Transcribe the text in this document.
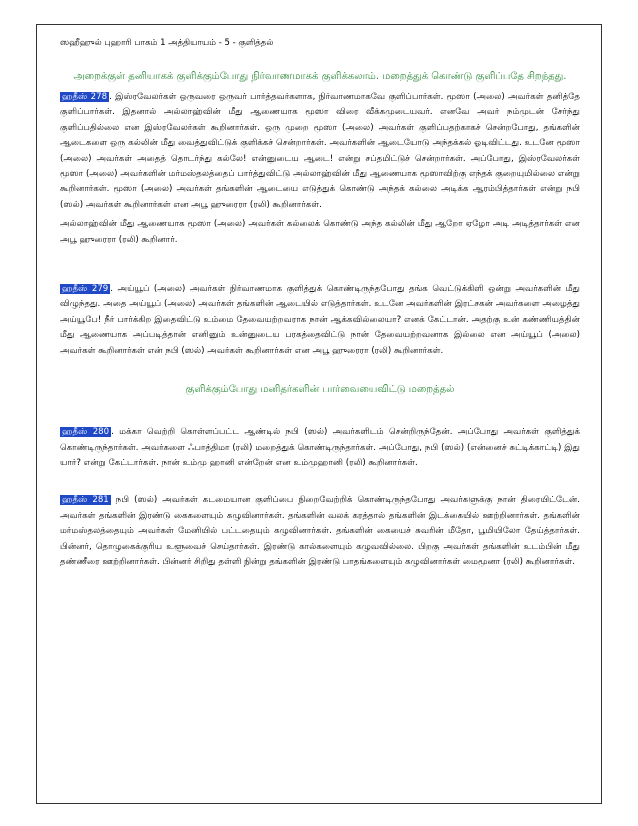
ஸஹீஹுல் புஹாரி பாகம் 1 அத்தியாயம் - 5 - குளித்தல்
அறைக்குள் தனியாகக் குளிக்கும்போது நிர்வாணமாகக் குளிக்கலாம். மறைத்துக் கொண்டு குளிப்பதே சிறந்தது.

ஹதீஸ் 278 . இஸ்ரவேலர்கள் ஒருவரை ஒருவர் பார்த்தவர்களாக, நிர்வாணமாகவே குளிப்பார்கள். மூஸா (அலை) அவர்கள் தனித்தே குளிப்பார்கள். இதனால் அல்லாஹ்வின் மீது ஆணையாக மூஸா விரை வீக்கமுடையவர். எனவே அவர் நம்முடன் சேர்ந்து குளிப்பதில்லை என இஸ்ரவேலர்கள் கூறினார்கள். ஒரு முறை மூஸா (அலை) அவர்கள் குளிப்பதற்காகச் சென்றபோது, தங்களின் ஆடைகளை ஒரு கல்லின் மீது வைத்துவிட்டுக் குளிக்கச் சென்றார்கள். அவர்களின் ஆடையோடு அந்தக்கல் ஓடிவிட்டது. உடனே மூஸா (அலை) அவர்கள் அதைத் தொடர்ந்து கல்லே! என்னுடைய ஆடை! என்று சப்தமிட்டுச் சென்றார்கள். அப்போது, இஸ்ரவேலர்கள் மூஸா (அலை) அவர்களின் மர்மஸ்தலத்தைப் பார்த்துவிட்டு அல்லாஹ்வின் மீது ஆணையாக மூஸாவிற்கு எந்தக் குறையுமில்லை என்று கூறினார்கள். மூஸா (அலை) அவர்கள் தங்களின் ஆடையை எடுத்துக் கொண்டு அந்தக் கல்லை அடிக்க ஆரம்பித்தார்கள் என்று நபி (ஸல்) அவர்கள் கூறினார்கள் என அபூ ஹுரைரா (ரலி) கூறினார்கள்.

அல்லாஹ்வின் மீது ஆணையாக மூஸா (அலை) அவர்கள் கல்லைக் கொண்டு அந்த கல்லின் மீது ஆறோ ஏழோ அடி அடித்தார்கள் என அபூ ஹுரைரா (ரலி) கூறினார்.

ஹதீஸ் 279 . அய்யூப் (அலை) அவர்கள் நிர்வாணமாக குளித்துக் கொண்டிருந்தபோது தங்க வெட்டுக்கிளி ஒன்று அவர்களின் மீது விழுந்தது. அதை அய்யூப் (அலை) அவர்கள் தங்களின் ஆடையில் எடுத்தார்கள். உடனே அவர்களின் இரட்சகன் அவர்களை அழைத்து அய்யூபே! நீர் பார்க்கிற இதைவிட்டு உம்மை தேவையற்றவராக நான் ஆக்கவில்லையா? எனக் கேட்டான். அதற்கு உன் கண்ணியத்தின் மீது ஆணையாக அப்படித்தான் எனினும் உன்னுடைய பரகத்தைவிட்டு நான் தேவையற்றவனாக இல்லை என அய்யூப் (அலை) அவர்கள் கூறினார்கள் என் நபி (ஸல்) அவர்கள் கூறினார்கள் என அபூ ஹுரைரா (ரலி) கூறினார்கள்.

குளிக்கும்போது மனிதர்களின் பார்வையைவிட்டு மறைத்தல்

ஹதீஸ் 280 . மக்கா வெற்றி கொள்ளப்பட்ட ஆண்டில் நபி (ஸல்) அவர்களிடம் சென்றிருந்தேன். அப்போது அவர்கள் குளித்துக் கொண்டிருந்தார்கள். அவர்களை ஃபாத்திமா (ரலி) மறைத்துக் கொண்டிருந்தார்கள். அப்போது, நபி (ஸல்) (என்னைச் சுட்டிக்காட்டி) இது யார்? என்று கேட்டார்கள். நான் உம்மு ஹானி என்றேன் என உம்முஹானி (ரலி) கூறினார்கள்.

ஹதீஸ் 281 நபி (ஸல்) அவர்கள் கடமையான குளிப்பை நிறைவேற்றிக் கொண்டிருந்தபோது அவர்களுக்கு நான் திரையிட்டேன். அவர்கள் தங்களின் இரண்டு கைகளையும் கழுவினார்கள். தங்களின் வலக் கரத்தால் தங்களின் இடக்கையில் ஊற்றினார்கள். தங்களின் மர்மஸ்தலத்தையும் அவர்கள் மேனியில் பட்டதையும் கழுவினார்கள். தங்களின் கையைச் சுவரின் மீதோ, பூமியிலோ தேய்த்தார்கள். பின்னர், தொழுகைக்குரிய உளூவைச் செய்தார்கள். இரண்டு கால்களையும் கழுவவில்லை. பிறகு அவர்கள் தங்களின் உடம்பின் மீது தண்ணீரை ஊற்றினார்கள். பின்னர் சிறிது தள்ளி நின்று தங்களின் இரண்டு பாதங்களையும் கழுவினார்கள் மைமூனா (ரலி) கூறினார்கள்.
